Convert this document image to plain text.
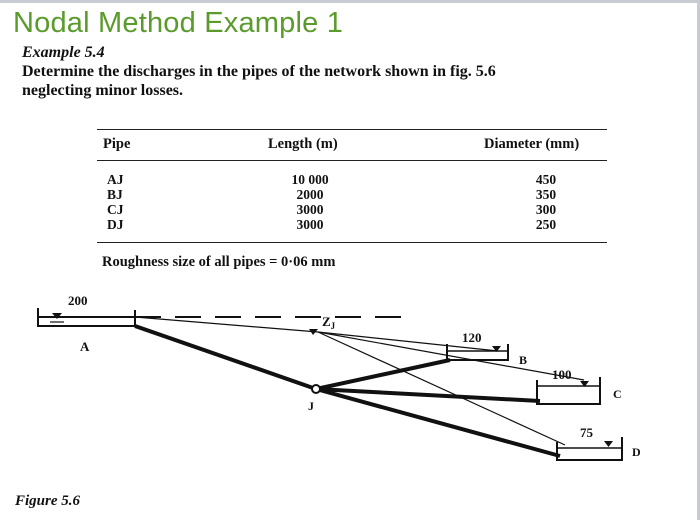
Nodal Method Example 1
Example 5.4
Determine the discharges in the pipes of the network shown in fig. 5.6
neglecting minor losses.
Pipe	Length (m)	Diameter (mm)
AJ	10 000	450
BJ	2000	350
CJ	3000	300
DJ	3000	250
Roughness size of all pipes = 0·06 mm
200
A
J
$Z_J$
120
B
100
C
75
D
Figure 5.6
